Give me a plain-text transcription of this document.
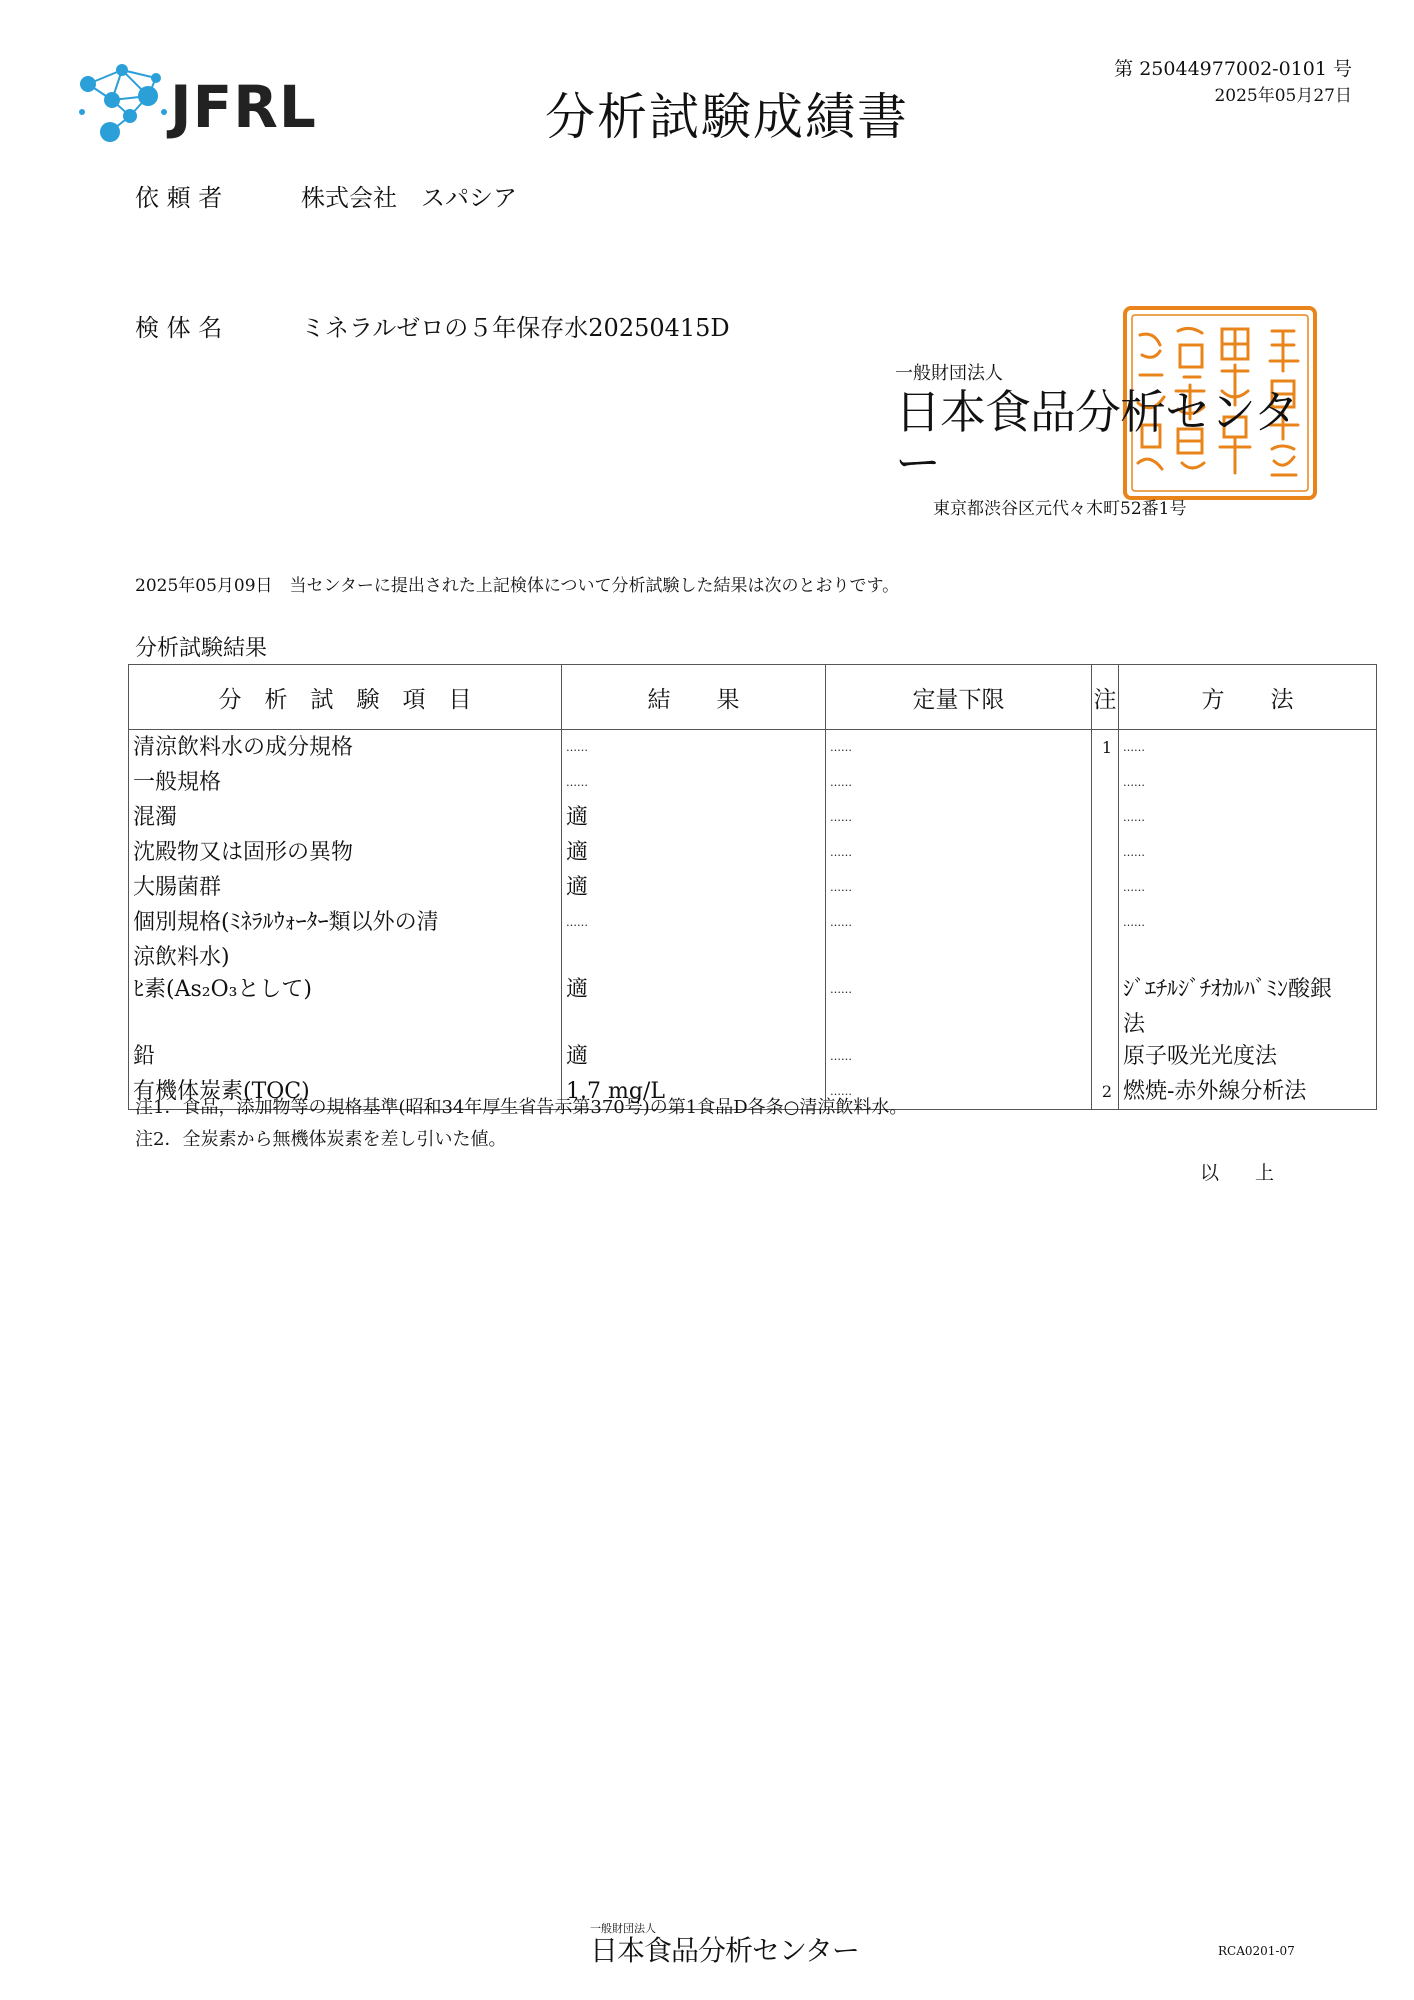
JFRL	分析試験成績書
第 25044977002-0101 号
2025年05月27日
依 頼 者	株式会社　スパシア
検 体 名	ミネラルゼロの５年保存水20250415D
一般財団法人
日本食品分析センター
東京都渋谷区元代々木町52番1号
2025年05月09日　当センターに提出された上記検体について分析試験した結果は次のとおりです。
分析試験結果
分　析　試　験　項　目	結　　果	定量下限	注	方　　法
清涼飲料水の成分規格	……	……	1	……
一般規格	……	……		……
混濁	適	……		……
沈殿物又は固形の異物	適	……		……
大腸菌群	適	……		……
個別規格(ﾐﾈﾗﾙｳｫｰﾀｰ類以外の清	……	……		……
涼飲料水)				
ﾋ素(As₂O₃として)	適	……		ｼﾞｴﾁﾙｼﾞﾁｵｶﾙﾊﾞﾐﾝ酸銀
				法
鉛	適	……		原子吸光光度法
有機体炭素(TOC)	1.7 mg/L	……	2	燃焼-赤外線分析法
注1．食品，添加物等の規格基準(昭和34年厚生省告示第370号)の第1食品D各条○清涼飲料水。
注2．全炭素から無機体炭素を差し引いた値。
以上
一般財団法人
日本食品分析センター	RCA0201-07
